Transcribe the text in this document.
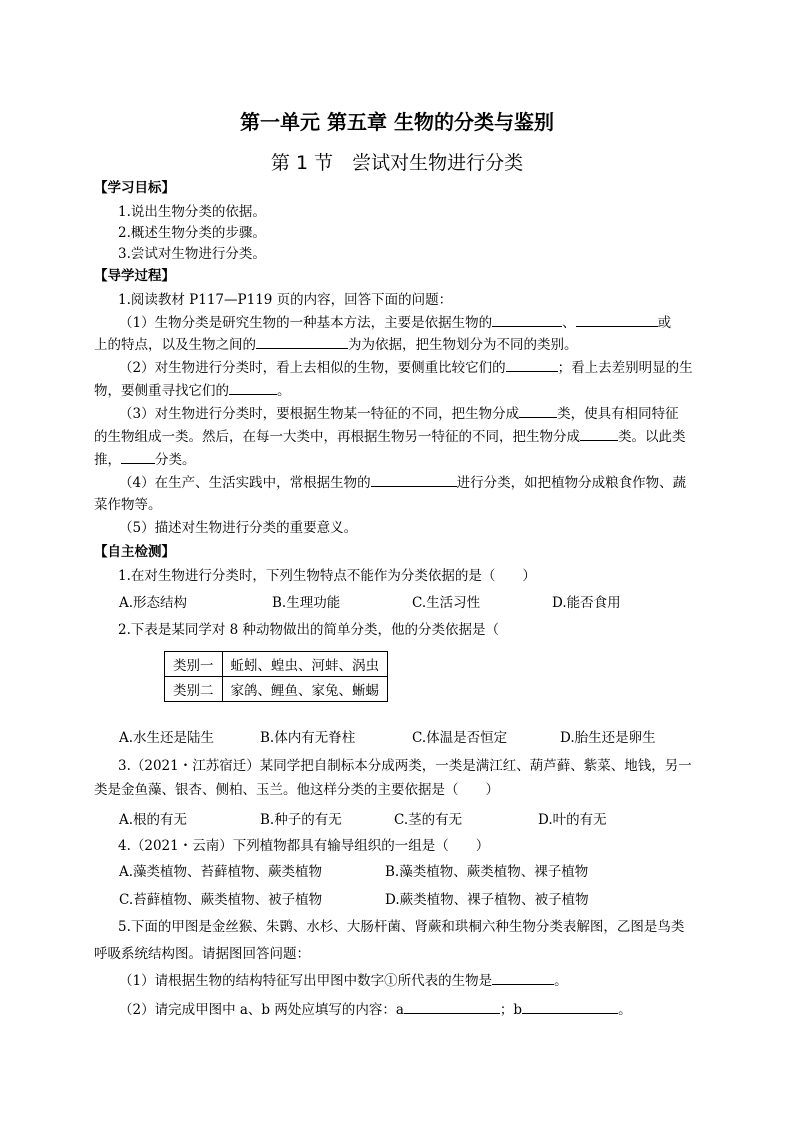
第一单元 第五章 生物的分类与鉴别
第 1 节　尝试对生物进行分类
【学习目标】
1.说出生物分类的依据。
2.概述生物分类的步骤。
3.尝试对生物进行分类。
【导学过程】
1.阅读教材 P117—P119 页的内容，回答下面的问题：
（1）生物分类是研究生物的一种基本方法，主要是依据生物的	、	或
上的特点，以及生物之间的	为为依据，把生物划分为不同的类别。
（2）对生物进行分类时，看上去相似的生物，要侧重比较它们的	；看上去差别明显的生
物，要侧重寻找它们的	。
（3）对生物进行分类时，要根据生物某一特征的不同，把生物分成	类，使具有相同特征
的生物组成一类。然后，在每一大类中，再根据生物另一特征的不同，把生物分成	类。以此类
推，	分类。
（4）在生产、生活实践中，常根据生物的	进行分类，如把植物分成粮食作物、蔬
菜作物等。
（5）描述对生物进行分类的重要意义。
【自主检测】
1.在对生物进行分类时，下列生物特点不能作为分类依据的是（　　）
A.形态结构	B.生理功能	C.生活习性	D.能否食用
2.下表是某同学对 8 种动物做出的简单分类，他的分类依据是（
类别一	蚯蚓、蝗虫、河蚌、涡虫
类别二	家鸽、鲤鱼、家兔、蜥蜴
A.水生还是陆生	B.体内有无脊柱	C.体温是否恒定	D.胎生还是卵生
3.（2021・江苏宿迁）某同学把自制标本分成两类，一类是满江红、葫芦藓、紫菜、地钱，另一
类是金鱼藻、银杏、侧柏、玉兰。他这样分类的主要依据是（　　）
A.根的有无	B.种子的有无	C.茎的有无	D.叶的有无
4.（2021・云南）下列植物都具有输导组织的一组是（　　）
A.藻类植物、苔藓植物、蕨类植物	B.藻类植物、蕨类植物、裸子植物
C.苔藓植物、蕨类植物、被子植物	D.蕨类植物、裸子植物、被子植物
5.下面的甲图是金丝猴、朱鹮、水杉、大肠杆菌、肾蕨和珙桐六种生物分类表解图，乙图是鸟类
呼吸系统结构图。请据图回答问题：
（1）请根据生物的结构特征写出甲图中数字①所代表的生物是	。
（2）请完成甲图中 a、b 两处应填写的内容：a	；b	。
